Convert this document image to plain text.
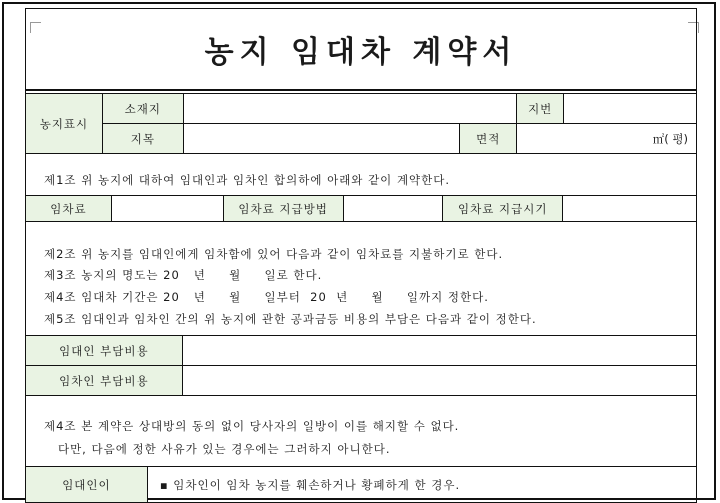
농지 임대차 계약서
농지표시	소재지			지번	
	지목		면적	㎡( 평)	
제1조 위 농지에 대하여 임대인과 임차인 합의하에 아래와 같이 계약한다.
임차료		임차료 지급방법		임차료 지급시기	
제2조 위 농지를 임대인에게 임차함에 있어 다음과 같이 임차료를 지불하기로 한다.
제3조 농지의 명도는 20   년     월     일로 한다.
제4조 임대차 기간은 20   년     월     일부터  20  년     월     일까지 정한다.
제5조 임대인과 임차인 간의 위 농지에 관한 공과금등 비용의 부담은 다음과 같이 정한다.
임대인 부담비용	
임차인 부담비용	
제4조 본 계약은 상대방의 동의 없이 당사자의 일방이 이를 해지할 수 없다.
다만, 다음에 정한 사유가 있는 경우에는 그러하지 아니한다.
임대인이	▪ 임차인이 임차 농지를 훼손하거나 황폐하게 한 경우.
